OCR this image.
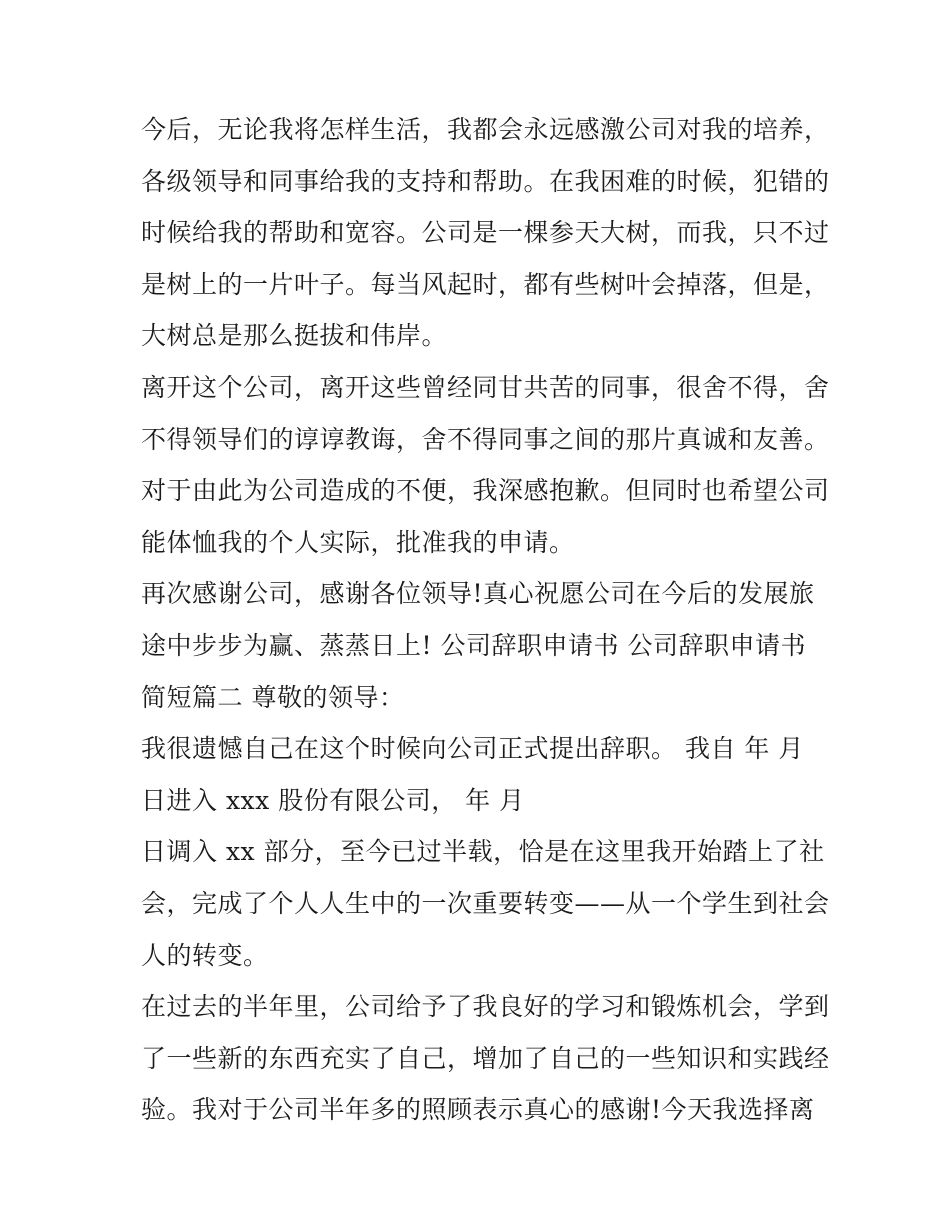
今后，无论我将怎样生活，我都会永远感激公司对我的培养，
各级领导和同事给我的支持和帮助。在我困难的时候，犯错的
时候给我的帮助和宽容。公司是一棵参天大树，而我，只不过
是树上的一片叶子。每当风起时，都有些树叶会掉落，但是，
大树总是那么挺拔和伟岸。
离开这个公司，离开这些曾经同甘共苦的同事，很舍不得，舍
不得领导们的谆谆教诲，舍不得同事之间的那片真诚和友善。
对于由此为公司造成的不便，我深感抱歉。但同时也希望公司
能体恤我的个人实际，批准我的申请。
再次感谢公司，感谢各位领导!真心祝愿公司在今后的发展旅
途中步步为赢、蒸蒸日上! 公司辞职申请书 公司辞职申请书
简短篇二 尊敬的领导：
我很遗憾自己在这个时候向公司正式提出辞职。 我自 年 月
日进入 xxx 股份有限公司， 年 月
日调入 xx 部分，至今已过半载，恰是在这里我开始踏上了社
会，完成了个人人生中的一次重要转变——从一个学生到社会
人的转变。
在过去的半年里，公司给予了我良好的学习和锻炼机会，学到
了一些新的东西充实了自己，增加了自己的一些知识和实践经
验。我对于公司半年多的照顾表示真心的感谢!今天我选择离
